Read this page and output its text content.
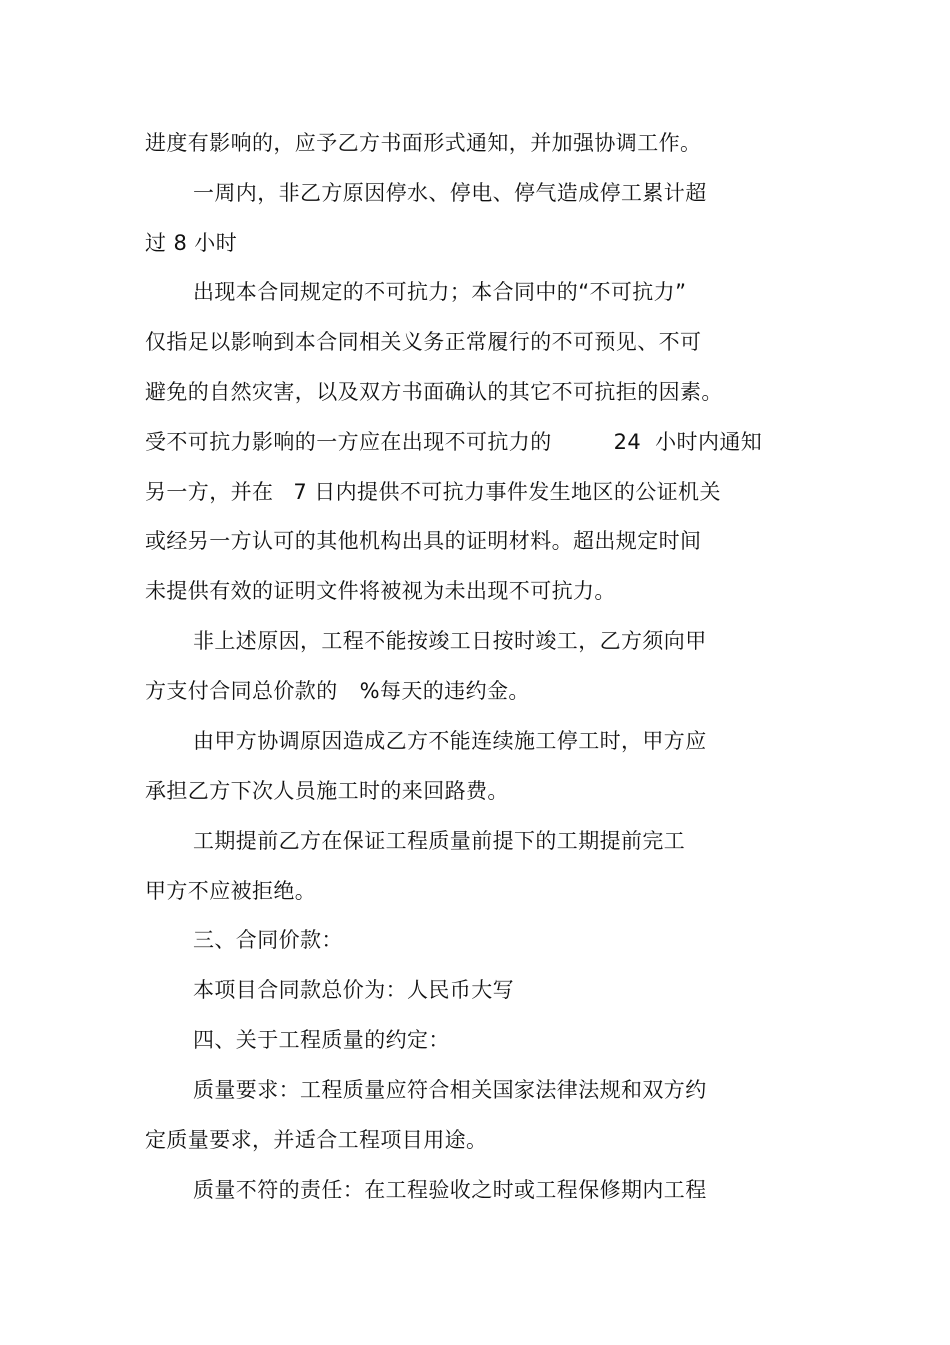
进度有影响的，应予乙方书面形式通知，并加强协调工作。
一周内，非乙方原因停水、停电、停气造成停工累计超
过 8 小时
出现本合同规定的不可抗力；本合同中的“不可抗力”
仅指足以影响到本合同相关义务正常履行的不可预见、不可
避免的自然灾害，以及双方书面确认的其它不可抗拒的因素。
受不可抗力影响的一方应在出现不可抗力的	24 小时内通知
另一方，并在 7 日内提供不可抗力事件发生地区的公证机关
或经另一方认可的其他机构出具的证明材料。超出规定时间
未提供有效的证明文件将被视为未出现不可抗力。
非上述原因，工程不能按竣工日按时竣工，乙方须向甲
方支付合同总价款的 %每天的违约金。
由甲方协调原因造成乙方不能连续施工停工时，甲方应
承担乙方下次人员施工时的来回路费。
工期提前乙方在保证工程质量前提下的工期提前完工
甲方不应被拒绝。
三、合同价款：
本项目合同款总价为：人民币大写
四、关于工程质量的约定：
质量要求：工程质量应符合相关国家法律法规和双方约
定质量要求，并适合工程项目用途。
质量不符的责任：在工程验收之时或工程保修期内工程
